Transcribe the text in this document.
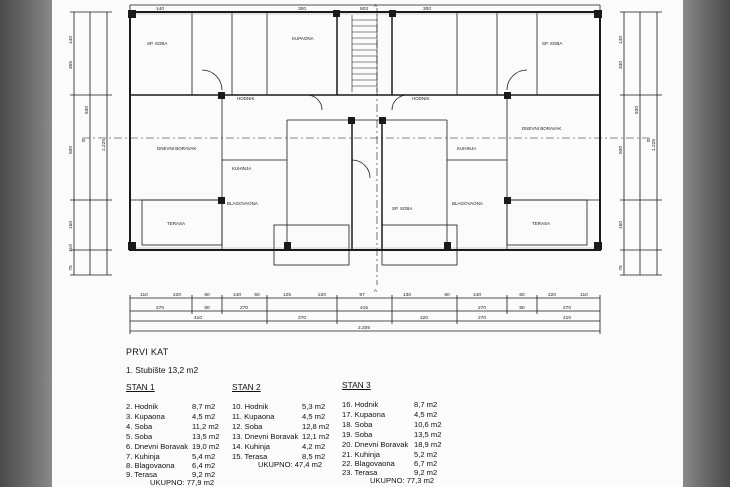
B	B
A
A
SP. SOBA
HODNIK
KUPAONA
SP. SOBA
DNEVNI BORAVAK
KUHINJA
BLAGOVAONA
TERASA
DNEVNI BORAVAK
KUHINJA
BLAGOVAONA
TERASA
SP. SOBA
HODNIK
140	300	503	300
110	220	60	140	50	125	220	97	130	50	140	60	220	110
270	80	270	415	270	80	270
410	270	420	270	410
2.205
140
355
930
500	1.225
160
110
75
140
330
930
500	1.225
160
75
PRVI KAT
1. Stubište 13,2 m2
STAN 1	STAN 2	STAN 3
2. Hodnik	8,7 m2
3. Kupaona	4,5 m2
4. Soba	11,2 m2
5. Soba	13,5 m2
6. Dnevni Boravak 19,0 m2
7. Kuhinja	5,4 m2
8. Blagovaona 6,4 m2
9. Terasa	9,2 m2
UKUPNO: 77,9 m2
10. Hodnik	5,3 m2
11. Kupaona	4,5 m2
12. Soba	12,8 m2
13. Dnevni Boravak 12,1 m2
14. Kuhinja	4,2 m2
15. Terasa	8,5 m2
UKUPNO: 47,4 m2
16. Hodnik	8,7 m2
17. Kupaona	4,5 m2
18. Soba	10,6 m2
19. Soba	13,5 m2
20. Dnevni Boravak 18,9 m2
21. Kuhinja	5,2 m2
22. Blagovaona	6,7 m2
23. Terasa	9,2 m2
UKUPNO: 77,3 m2
